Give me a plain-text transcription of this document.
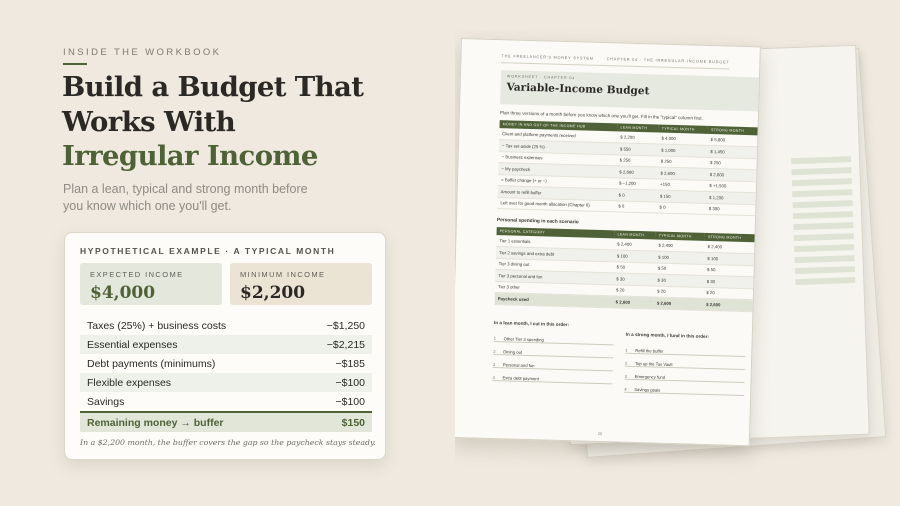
INSIDE THE WORKBOOK
Build a Budget That
Works With
Irregular Income

Plan a lean, typical and strong month before you know which one you'll get.

HYPOTHETICAL EXAMPLE · A TYPICAL MONTH
EXPECTED INCOME
$4,000
MINIMUM INCOME
$2,200
Taxes (25%) + business costs	−$1,250
Essential expenses	−$2,215
Debt payments (minimums)	−$185
Flexible expenses	−$100
Savings	−$100
Remaining money → buffer	$150
In a $2,200 month, the buffer covers the gap so the paycheck stays steady.
THE FREELANCER'S MONEY SYSTEM	CHAPTER 04 · THE IRREGULAR-INCOME BUDGET
WORKSHEET · CHAPTER 04
Variable-Income Budget
Plan three versions of a month before you know which one you'll get. Fill in the "typical" column first.
MONEY IN AND OUT OF THE INCOME HUB	LEAN MONTH	TYPICAL MONTH	STRONG MONTH
Client and platform payments received	$ 2,200	$ 4,000	$ 5,800
− Tax set-aside (25 %)	$ 550	$ 1,000	$ 1,450
− Business expenses	$ 250	$ 250	$ 250
− My paycheck	$ 2,600	$ 2,600	$ 2,600
= Buffer change (+ or −)	$ −1,200	+150	$ +1,500
Amount to refill buffer	$ 0	$ 150	$ 1,200
Left over for good-month allocation (Chapter 6)	$ 0	$ 0	$ 300
Personal spending in each scenario
PERSONAL CATEGORY	LEAN MONTH	TYPICAL MONTH	STRONG MONTH
Tier 1 essentials	$ 2,400	$ 2,400	$ 2,400
Tier 2 savings and extra debt	$ 100	$ 100	$ 100
Tier 3 dining out	$ 50	$ 50	$ 50
Tier 3 personal and fun	$ 30	$ 30	$ 30
Tier 3 other	$ 20	$ 20	$ 20
Paycheck used	$ 2,600	$ 2,600	$ 2,600
In a lean month, I cut in this order:
1	Other Tier 3 spending
2	Dining out
3	Personal and fun
4	Extra debt payment
In a strong month, I fund in this order:
1	Refill the buffer
2	Top up the Tax Vault
3	Emergency fund
4	Savings goals
20
